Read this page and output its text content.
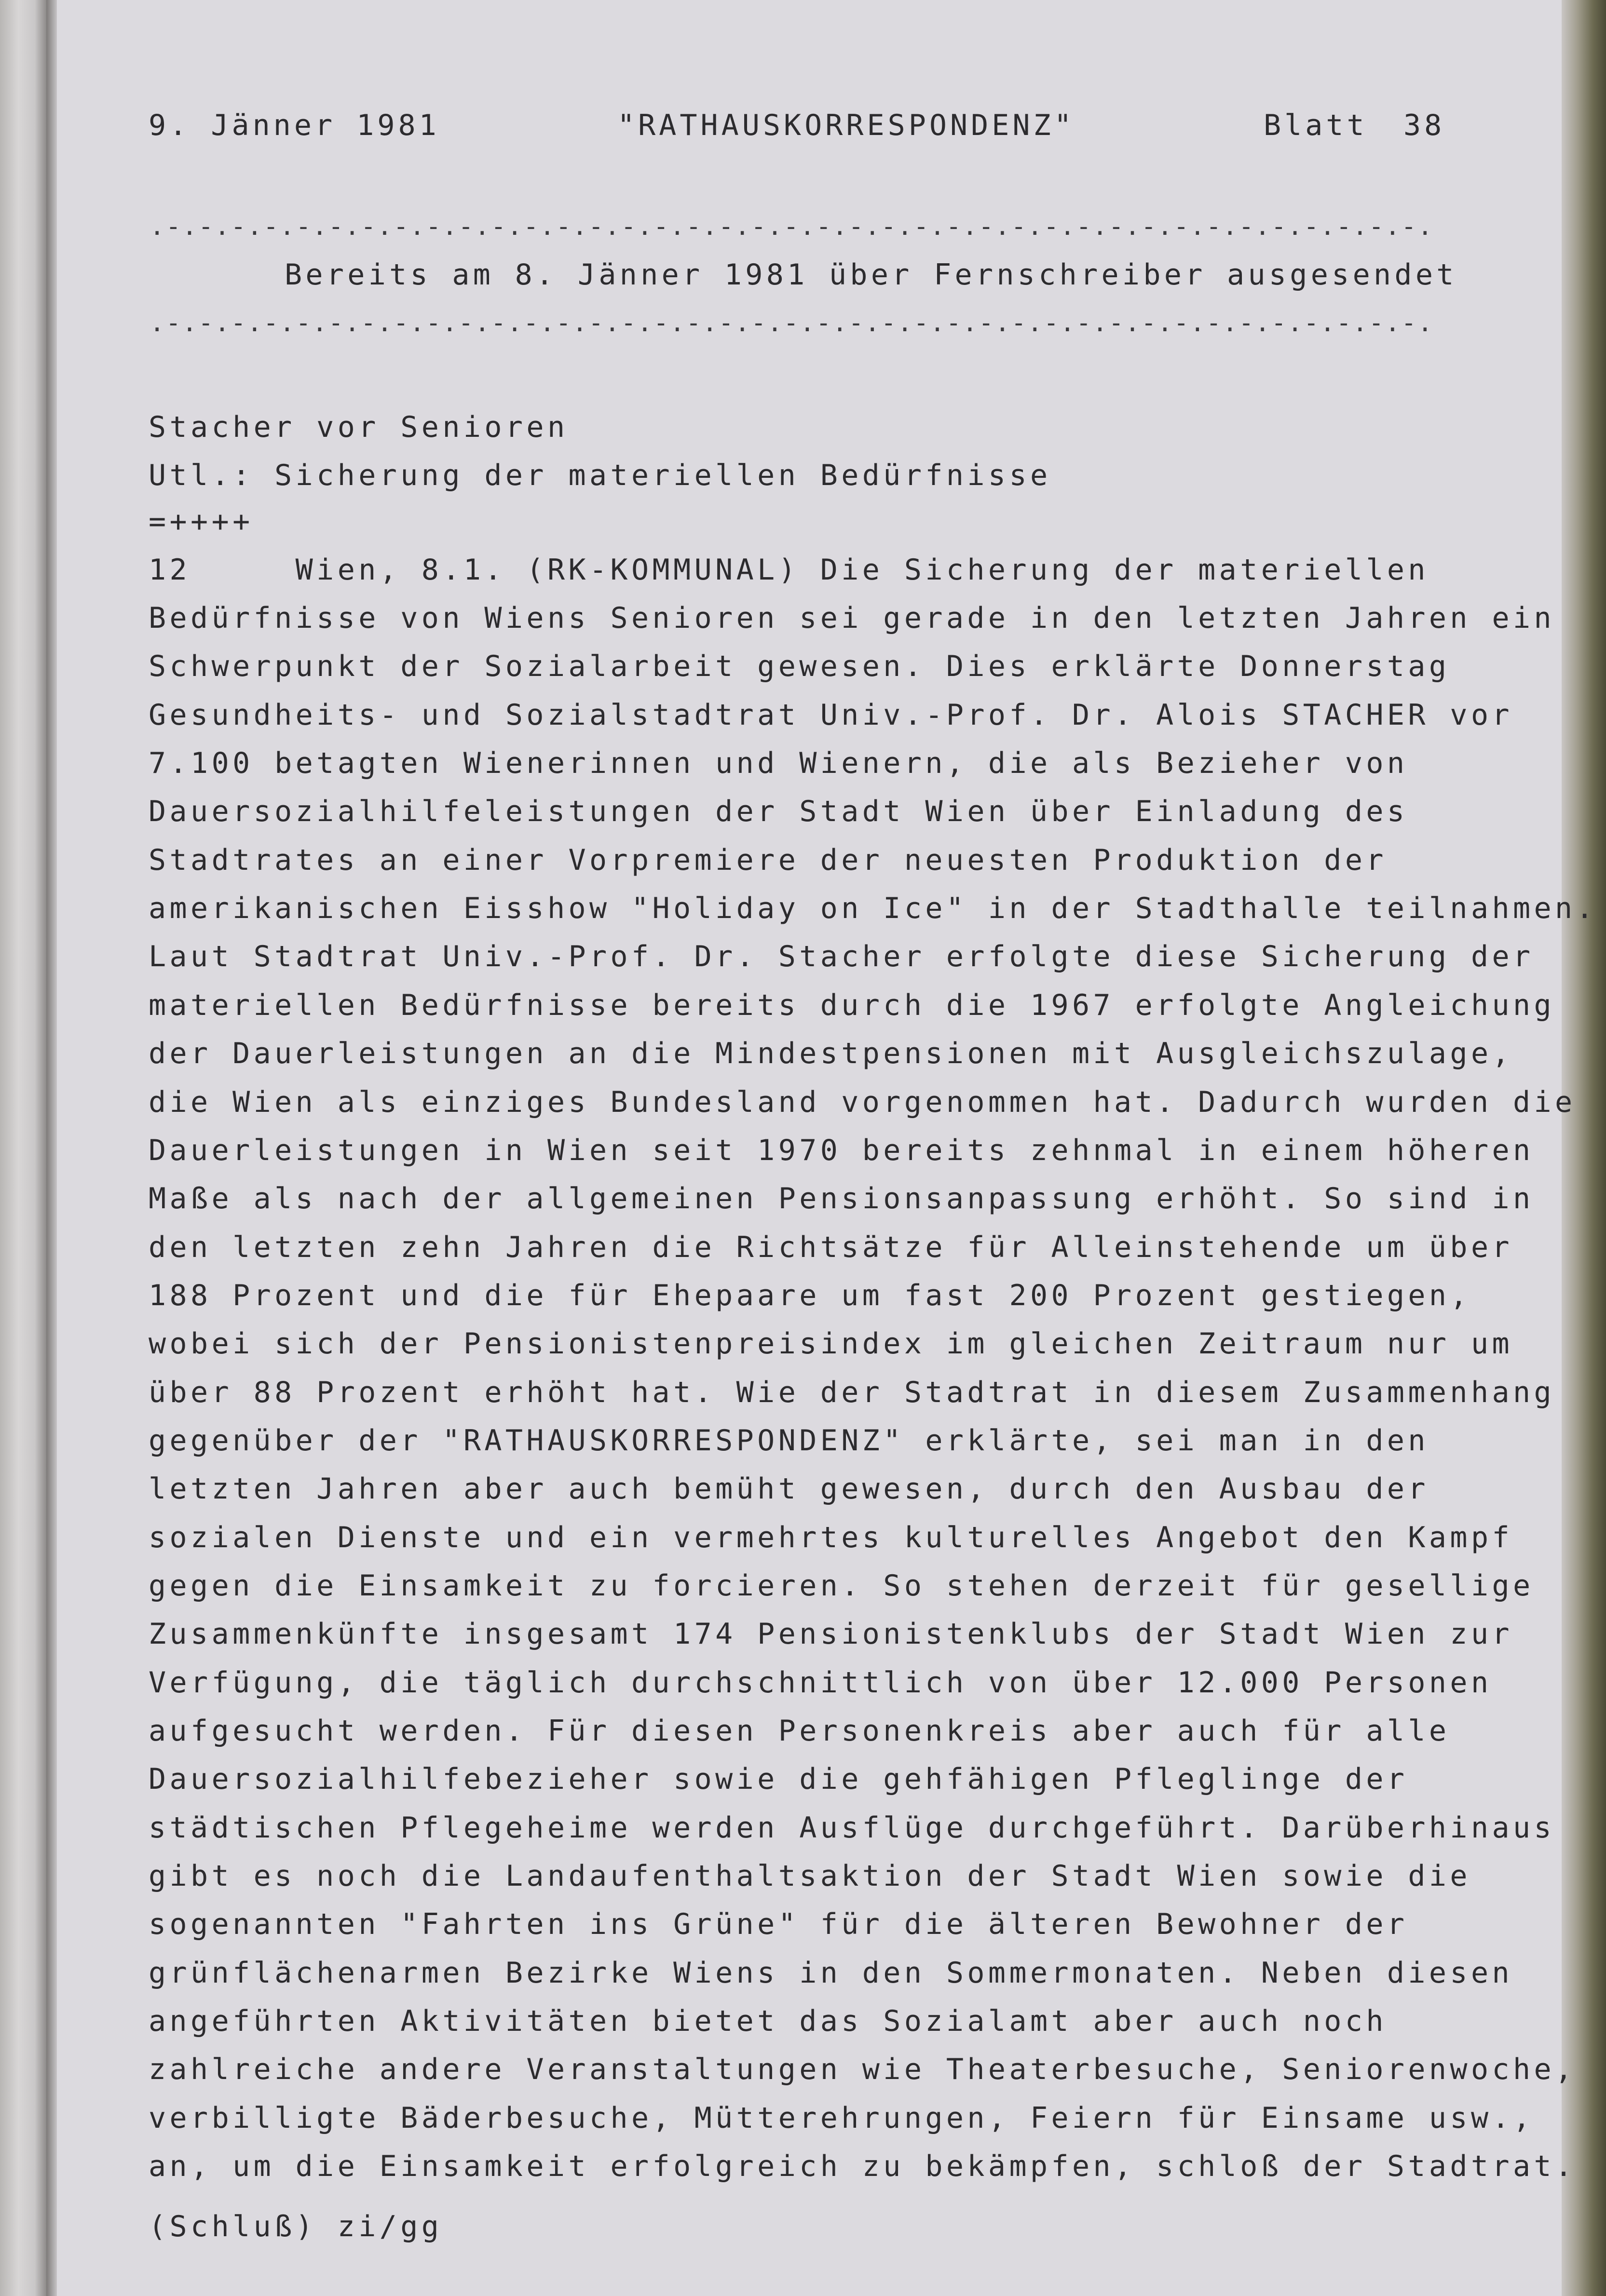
9. Jänner 1981	"RATHAUSKORRESPONDENZ"	Blatt 38
.-.-.-.-.-.-.-.-.-.-.-.-.-.-.-.-.-.-.-.-.-.-.-.-.-.-.-.-.-.-.-.-.-.-.-.-.-.-.-.
Bereits am 8. Jänner 1981 über Fernschreiber ausgesendet
.-.-.-.-.-.-.-.-.-.-.-.-.-.-.-.-.-.-.-.-.-.-.-.-.-.-.-.-.-.-.-.-.-.-.-.-.-.-.-.
Stacher vor Senioren
Utl.: Sicherung der materiellen Bedürfnisse
=++++
12     Wien, 8.1. (RK-KOMMUNAL) Die Sicherung der materiellen
Bedürfnisse von Wiens Senioren sei gerade in den letzten Jahren ein
Schwerpunkt der Sozialarbeit gewesen. Dies erklärte Donnerstag
Gesundheits- und Sozialstadtrat Univ.-Prof. Dr. Alois STACHER vor
7.100 betagten Wienerinnen und Wienern, die als Bezieher von
Dauersozialhilfeleistungen der Stadt Wien über Einladung des
Stadtrates an einer Vorpremiere der neuesten Produktion der
amerikanischen Eisshow "Holiday on Ice" in der Stadthalle teilnahmen.
Laut Stadtrat Univ.-Prof. Dr. Stacher erfolgte diese Sicherung der
materiellen Bedürfnisse bereits durch die 1967 erfolgte Angleichung
der Dauerleistungen an die Mindestpensionen mit Ausgleichszulage,
die Wien als einziges Bundesland vorgenommen hat. Dadurch wurden die
Dauerleistungen in Wien seit 1970 bereits zehnmal in einem höheren
Maße als nach der allgemeinen Pensionsanpassung erhöht. So sind in
den letzten zehn Jahren die Richtsätze für Alleinstehende um über
188 Prozent und die für Ehepaare um fast 200 Prozent gestiegen,
wobei sich der Pensionistenpreisindex im gleichen Zeitraum nur um
über 88 Prozent erhöht hat. Wie der Stadtrat in diesem Zusammenhang
gegenüber der "RATHAUSKORRESPONDENZ" erklärte, sei man in den
letzten Jahren aber auch bemüht gewesen, durch den Ausbau der
sozialen Dienste und ein vermehrtes kulturelles Angebot den Kampf
gegen die Einsamkeit zu forcieren. So stehen derzeit für gesellige
Zusammenkünfte insgesamt 174 Pensionistenklubs der Stadt Wien zur
Verfügung, die täglich durchschnittlich von über 12.000 Personen
aufgesucht werden. Für diesen Personenkreis aber auch für alle
Dauersozialhilfebezieher sowie die gehfähigen Pfleglinge der
städtischen Pflegeheime werden Ausflüge durchgeführt. Darüberhinaus
gibt es noch die Landaufenthaltsaktion der Stadt Wien sowie die
sogenannten "Fahrten ins Grüne" für die älteren Bewohner der
grünflächenarmen Bezirke Wiens in den Sommermonaten. Neben diesen
angeführten Aktivitäten bietet das Sozialamt aber auch noch
zahlreiche andere Veranstaltungen wie Theaterbesuche, Seniorenwoche,
verbilligte Bäderbesuche, Mütterehrungen, Feiern für Einsame usw.,
an, um die Einsamkeit erfolgreich zu bekämpfen, schloß der Stadtrat.
(Schluß) zi/gg
